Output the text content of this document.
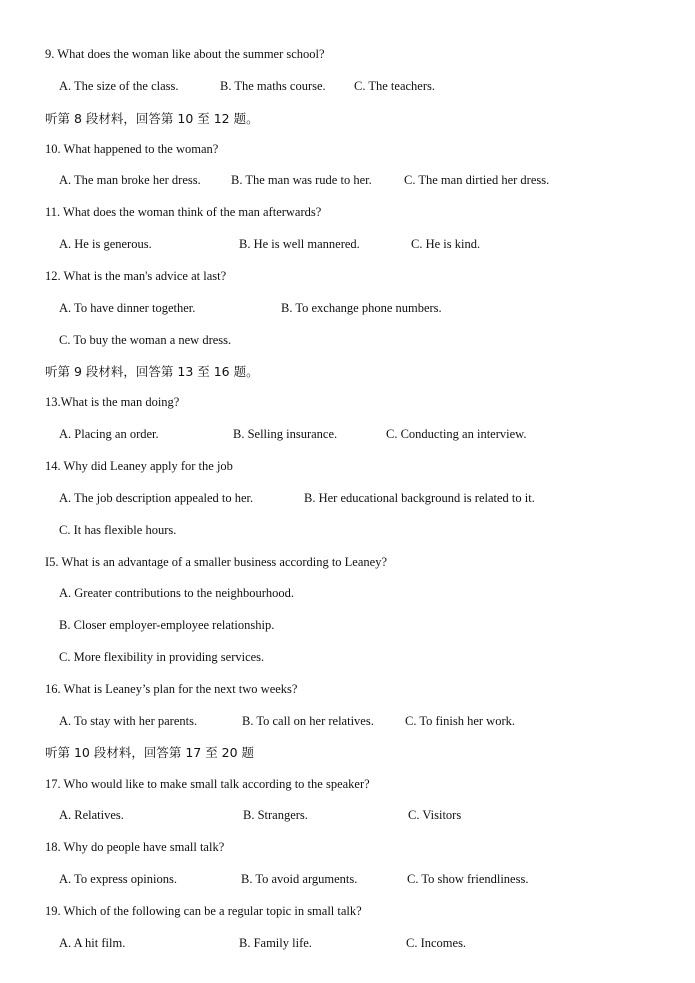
9. What does the woman like about the summer school?
A. The size of the class.	B. The maths course. C. The teachers.
听第 8 段材料，回答第 10 至 12 题。
10. What happened to the woman?
A. The man broke her dress. B. The man was rude to her.	C. The man dirtied her dress.
11. What does the woman think of the man afterwards?
A. He is generous.	B. He is well mannered.	C. He is kind.
12. What is the man's advice at last?
A. To have dinner together.	B. To exchange phone numbers.
C. To buy the woman a new dress.
听第 9 段材料，回答第 13 至 16 题。
13.What is the man doing?
A. Placing an order.	B. Selling insurance.	C. Conducting an interview.
14. Why did Leaney apply for the job
A. The job description appealed to her.	B. Her educational background is related to it.
C. It has flexible hours.
I5. What is an advantage of a smaller business according to Leaney?
A. Greater contributions to the neighbourhood.
B. Closer employer-employee relationship.
C. More flexibility in providing services.
16. What is Leaney’s plan for the next two weeks?
A. To stay with her parents.	B. To call on her relatives. C. To finish her work.
听第 10 段材料，回答第 17 至 20 题
17. Who would like to make small talk according to the speaker?
A. Relatives.	B. Strangers.	C. Visitors
18. Why do people have small talk?
A. To express opinions.	B. To avoid arguments.	C. To show friendliness.
19. Which of the following can be a regular topic in small talk?
A. A hit film.	B. Family life.	C. Incomes.
